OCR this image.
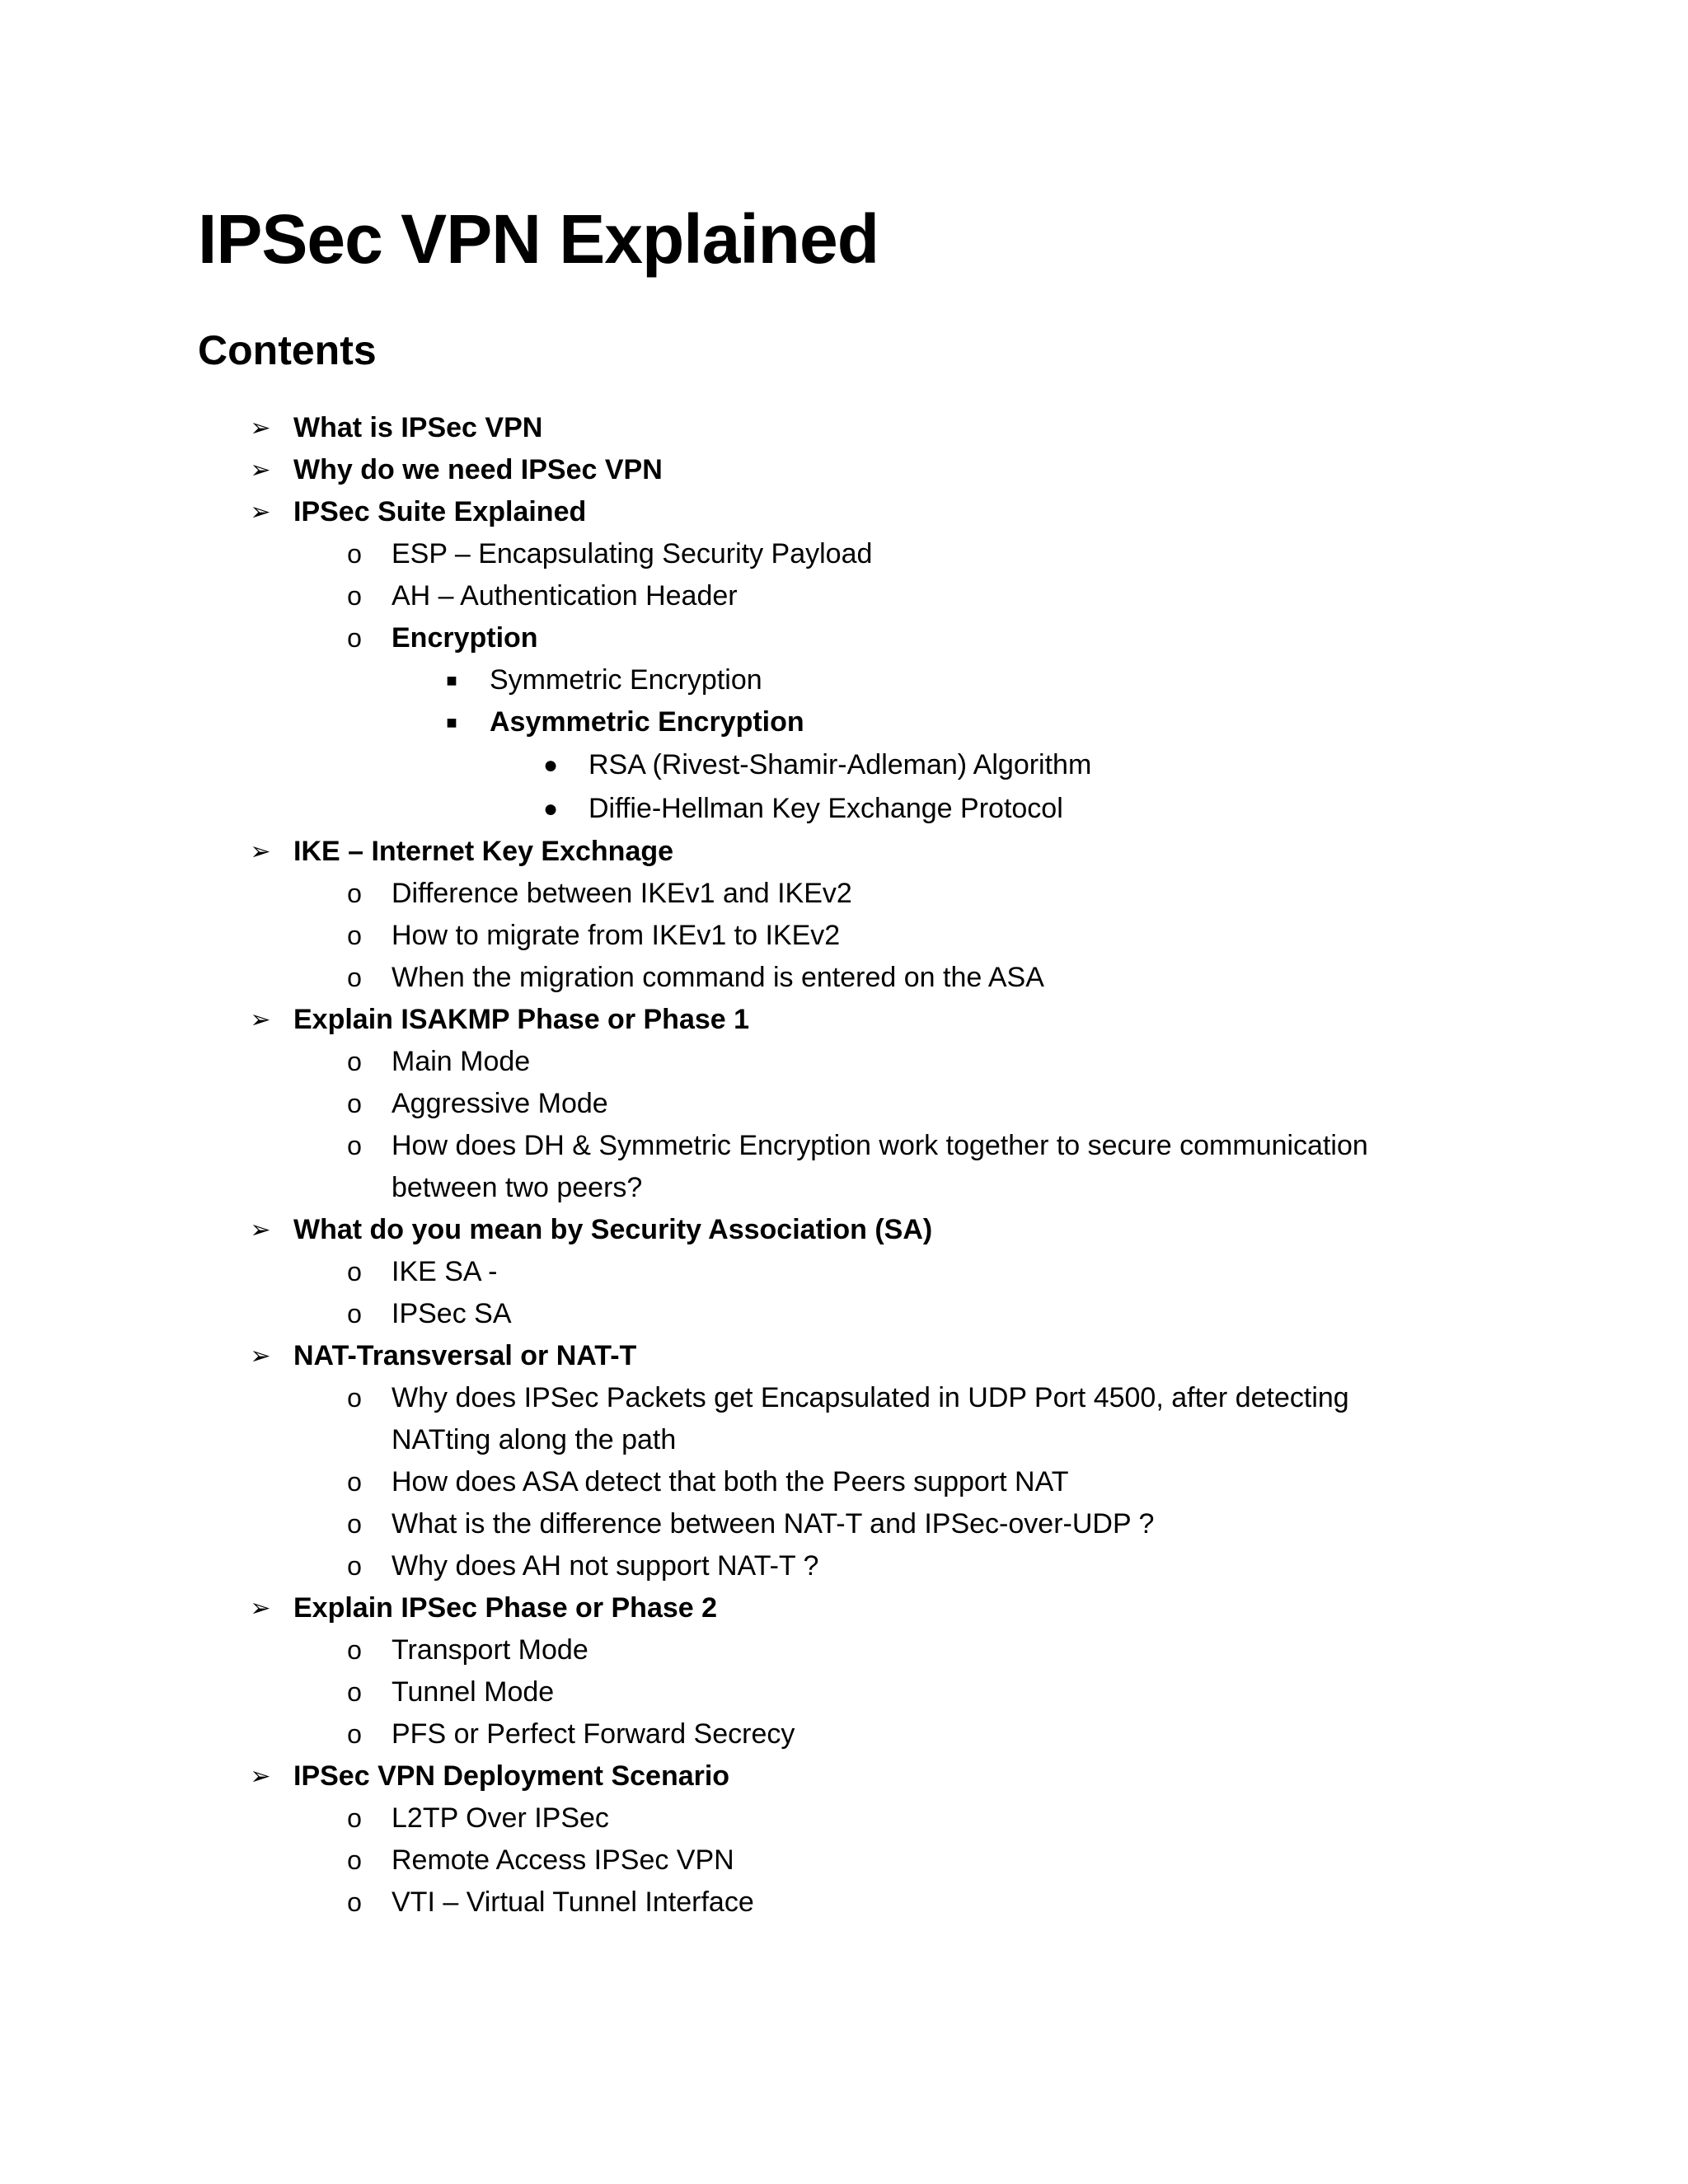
IPSec VPN Explained
Contents
➢ What is IPSec VPN
➢ Why do we need IPSec VPN
➢ IPSec Suite Explained
o	ESP – Encapsulating Security Payload
o	AH – Authentication Header
o	Encryption
■	Symmetric Encryption
■	Asymmetric Encryption
●	RSA (Rivest-Shamir-Adleman) Algorithm
●	Diffie-Hellman Key Exchange Protocol
➢ IKE – Internet Key Exchnage
o	Difference between IKEv1 and IKEv2
o	How to migrate from IKEv1 to IKEv2
o	When the migration command is entered on the ASA
➢ Explain ISAKMP Phase or Phase 1
o	Main Mode
o	Aggressive Mode
o	How does DH & Symmetric Encryption work together to secure communication between two peers?
➢ What do you mean by Security Association (SA)
o	IKE SA -
o	IPSec SA
➢ NAT-Transversal or NAT-T
o	Why does IPSec Packets get Encapsulated in UDP Port 4500, after detecting NATting along the path
o	How does ASA detect that both the Peers support NAT
o	What is the difference between NAT-T and IPSec-over-UDP ?
o	Why does AH not support NAT-T ?
➢ Explain IPSec Phase or Phase 2
o	Transport Mode
o	Tunnel Mode
o	PFS or Perfect Forward Secrecy
➢ IPSec VPN Deployment Scenario
o	L2TP Over IPSec
o	Remote Access IPSec VPN
o	VTI – Virtual Tunnel Interface
